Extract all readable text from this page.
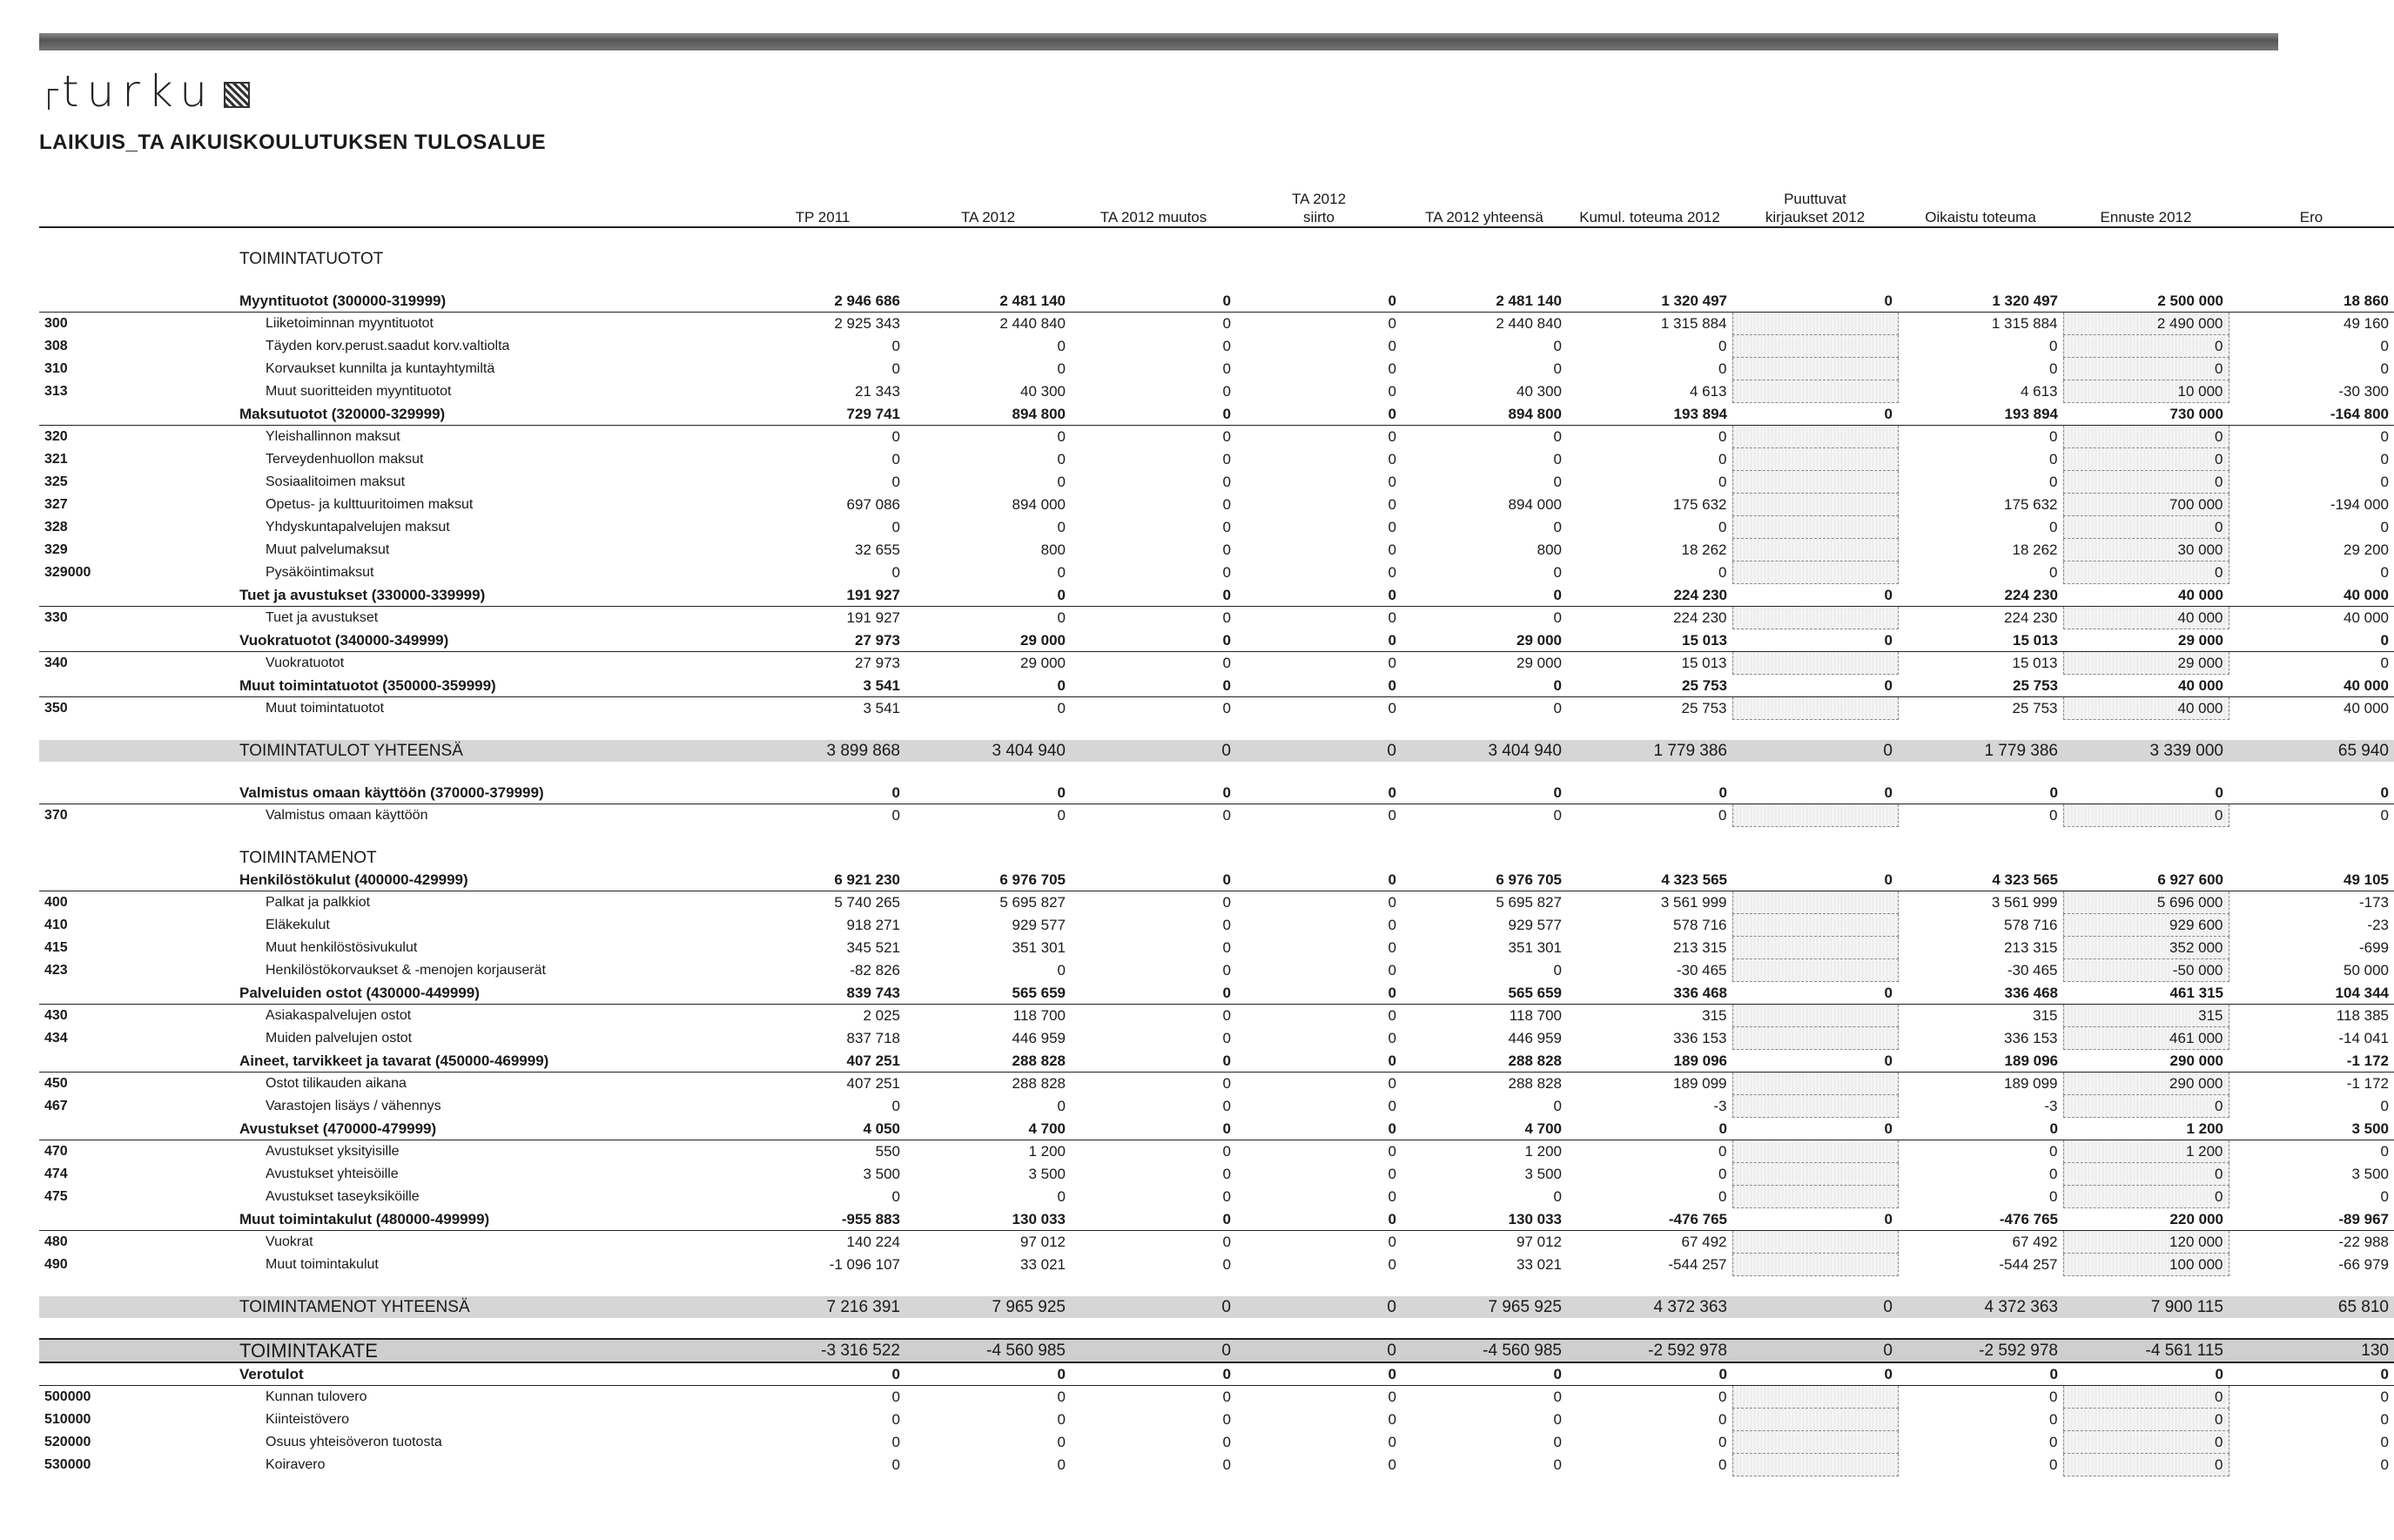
turku
LAIKUIS_TA AIKUISKOULUTUKSEN TULOSALUE
		TP 2011	TA 2012	TA 2012 muutos	TA 2012
siirto	TA 2012 yhteensä	Kumul. toteuma 2012	Puuttuvat
kirjaukset 2012	Oikaistu toteuma	Ennuste 2012	Ero

	TOIMINTATUOTOT										

	Myyntituotot (300000-319999)	2 946 686	2 481 140	0	0	2 481 140	1 320 497	0	1 320 497	2 500 000	18 860
300	Liiketoiminnan myyntituotot	2 925 343	2 440 840	0	0	2 440 840	1 315 884		1 315 884	2 490 000	49 160
308	Täyden korv.perust.saadut korv.valtiolta	0	0	0	0	0	0		0	0	0
310	Korvaukset kunnilta ja kuntayhtymiltä	0	0	0	0	0	0		0	0	0
313	Muut suoritteiden myyntituotot	21 343	40 300	0	0	40 300	4 613		4 613	10 000	-30 300
	Maksutuotot (320000-329999)	729 741	894 800	0	0	894 800	193 894	0	193 894	730 000	-164 800
320	Yleishallinnon maksut	0	0	0	0	0	0		0	0	0
321	Terveydenhuollon maksut	0	0	0	0	0	0		0	0	0
325	Sosiaalitoimen maksut	0	0	0	0	0	0		0	0	0
327	Opetus- ja kulttuuritoimen maksut	697 086	894 000	0	0	894 000	175 632		175 632	700 000	-194 000
328	Yhdyskuntapalvelujen maksut	0	0	0	0	0	0		0	0	0
329	Muut palvelumaksut	32 655	800	0	0	800	18 262		18 262	30 000	29 200
329000	Pysäköintimaksut	0	0	0	0	0	0		0	0	0
	Tuet ja avustukset (330000-339999)	191 927	0	0	0	0	224 230	0	224 230	40 000	40 000
330	Tuet ja avustukset	191 927	0	0	0	0	224 230		224 230	40 000	40 000
	Vuokratuotot (340000-349999)	27 973	29 000	0	0	29 000	15 013	0	15 013	29 000	0
340	Vuokratuotot	27 973	29 000	0	0	29 000	15 013		15 013	29 000	0
	Muut toimintatuotot (350000-359999)	3 541	0	0	0	0	25 753	0	25 753	40 000	40 000
350	Muut toimintatuotot	3 541	0	0	0	0	25 753		25 753	40 000	40 000

	TOIMINTATULOT YHTEENSÄ	3 899 868	3 404 940	0	0	3 404 940	1 779 386	0	1 779 386	3 339 000	65 940

	Valmistus omaan käyttöön (370000-379999)	0	0	0	0	0	0	0	0	0	0
370	Valmistus omaan käyttöön	0	0	0	0	0	0		0	0	0

	TOIMINTAMENOT										
	Henkilöstökulut (400000-429999)	6 921 230	6 976 705	0	0	6 976 705	4 323 565	0	4 323 565	6 927 600	49 105
400	Palkat ja palkkiot	5 740 265	5 695 827	0	0	5 695 827	3 561 999		3 561 999	5 696 000	-173
410	Eläkekulut	918 271	929 577	0	0	929 577	578 716		578 716	929 600	-23
415	Muut henkilöstösivukulut	345 521	351 301	0	0	351 301	213 315		213 315	352 000	-699
423	Henkilöstökorvaukset & -menojen korjauserät	-82 826	0	0	0	0	-30 465		-30 465	-50 000	50 000
	Palveluiden ostot (430000-449999)	839 743	565 659	0	0	565 659	336 468	0	336 468	461 315	104 344
430	Asiakaspalvelujen ostot	2 025	118 700	0	0	118 700	315		315	315	118 385
434	Muiden palvelujen ostot	837 718	446 959	0	0	446 959	336 153		336 153	461 000	-14 041
	Aineet, tarvikkeet ja tavarat (450000-469999)	407 251	288 828	0	0	288 828	189 096	0	189 096	290 000	-1 172
450	Ostot tilikauden aikana	407 251	288 828	0	0	288 828	189 099		189 099	290 000	-1 172
467	Varastojen lisäys / vähennys	0	0	0	0	0	-3		-3	0	0
	Avustukset (470000-479999)	4 050	4 700	0	0	4 700	0	0	0	1 200	3 500
470	Avustukset yksityisille	550	1 200	0	0	1 200	0		0	1 200	0
474	Avustukset yhteisöille	3 500	3 500	0	0	3 500	0		0	0	3 500
475	Avustukset taseyksiköille	0	0	0	0	0	0		0	0	0
	Muut toimintakulut (480000-499999)	-955 883	130 033	0	0	130 033	-476 765	0	-476 765	220 000	-89 967
480	Vuokrat	140 224	97 012	0	0	97 012	67 492		67 492	120 000	-22 988
490	Muut toimintakulut	-1 096 107	33 021	0	0	33 021	-544 257		-544 257	100 000	-66 979

	TOIMINTAMENOT YHTEENSÄ	7 216 391	7 965 925	0	0	7 965 925	4 372 363	0	4 372 363	7 900 115	65 810

	TOIMINTAKATE	-3 316 522	-4 560 985	0	0	-4 560 985	-2 592 978	0	-2 592 978	-4 561 115	130
	Verotulot	0	0	0	0	0	0	0	0	0	0
500000	Kunnan tulovero	0	0	0	0	0	0		0	0	0
510000	Kiinteistövero	0	0	0	0	0	0		0	0	0
520000	Osuus yhteisöveron tuotosta	0	0	0	0	0	0		0	0	0
530000	Koiravero	0	0	0	0	0	0		0	0	0
